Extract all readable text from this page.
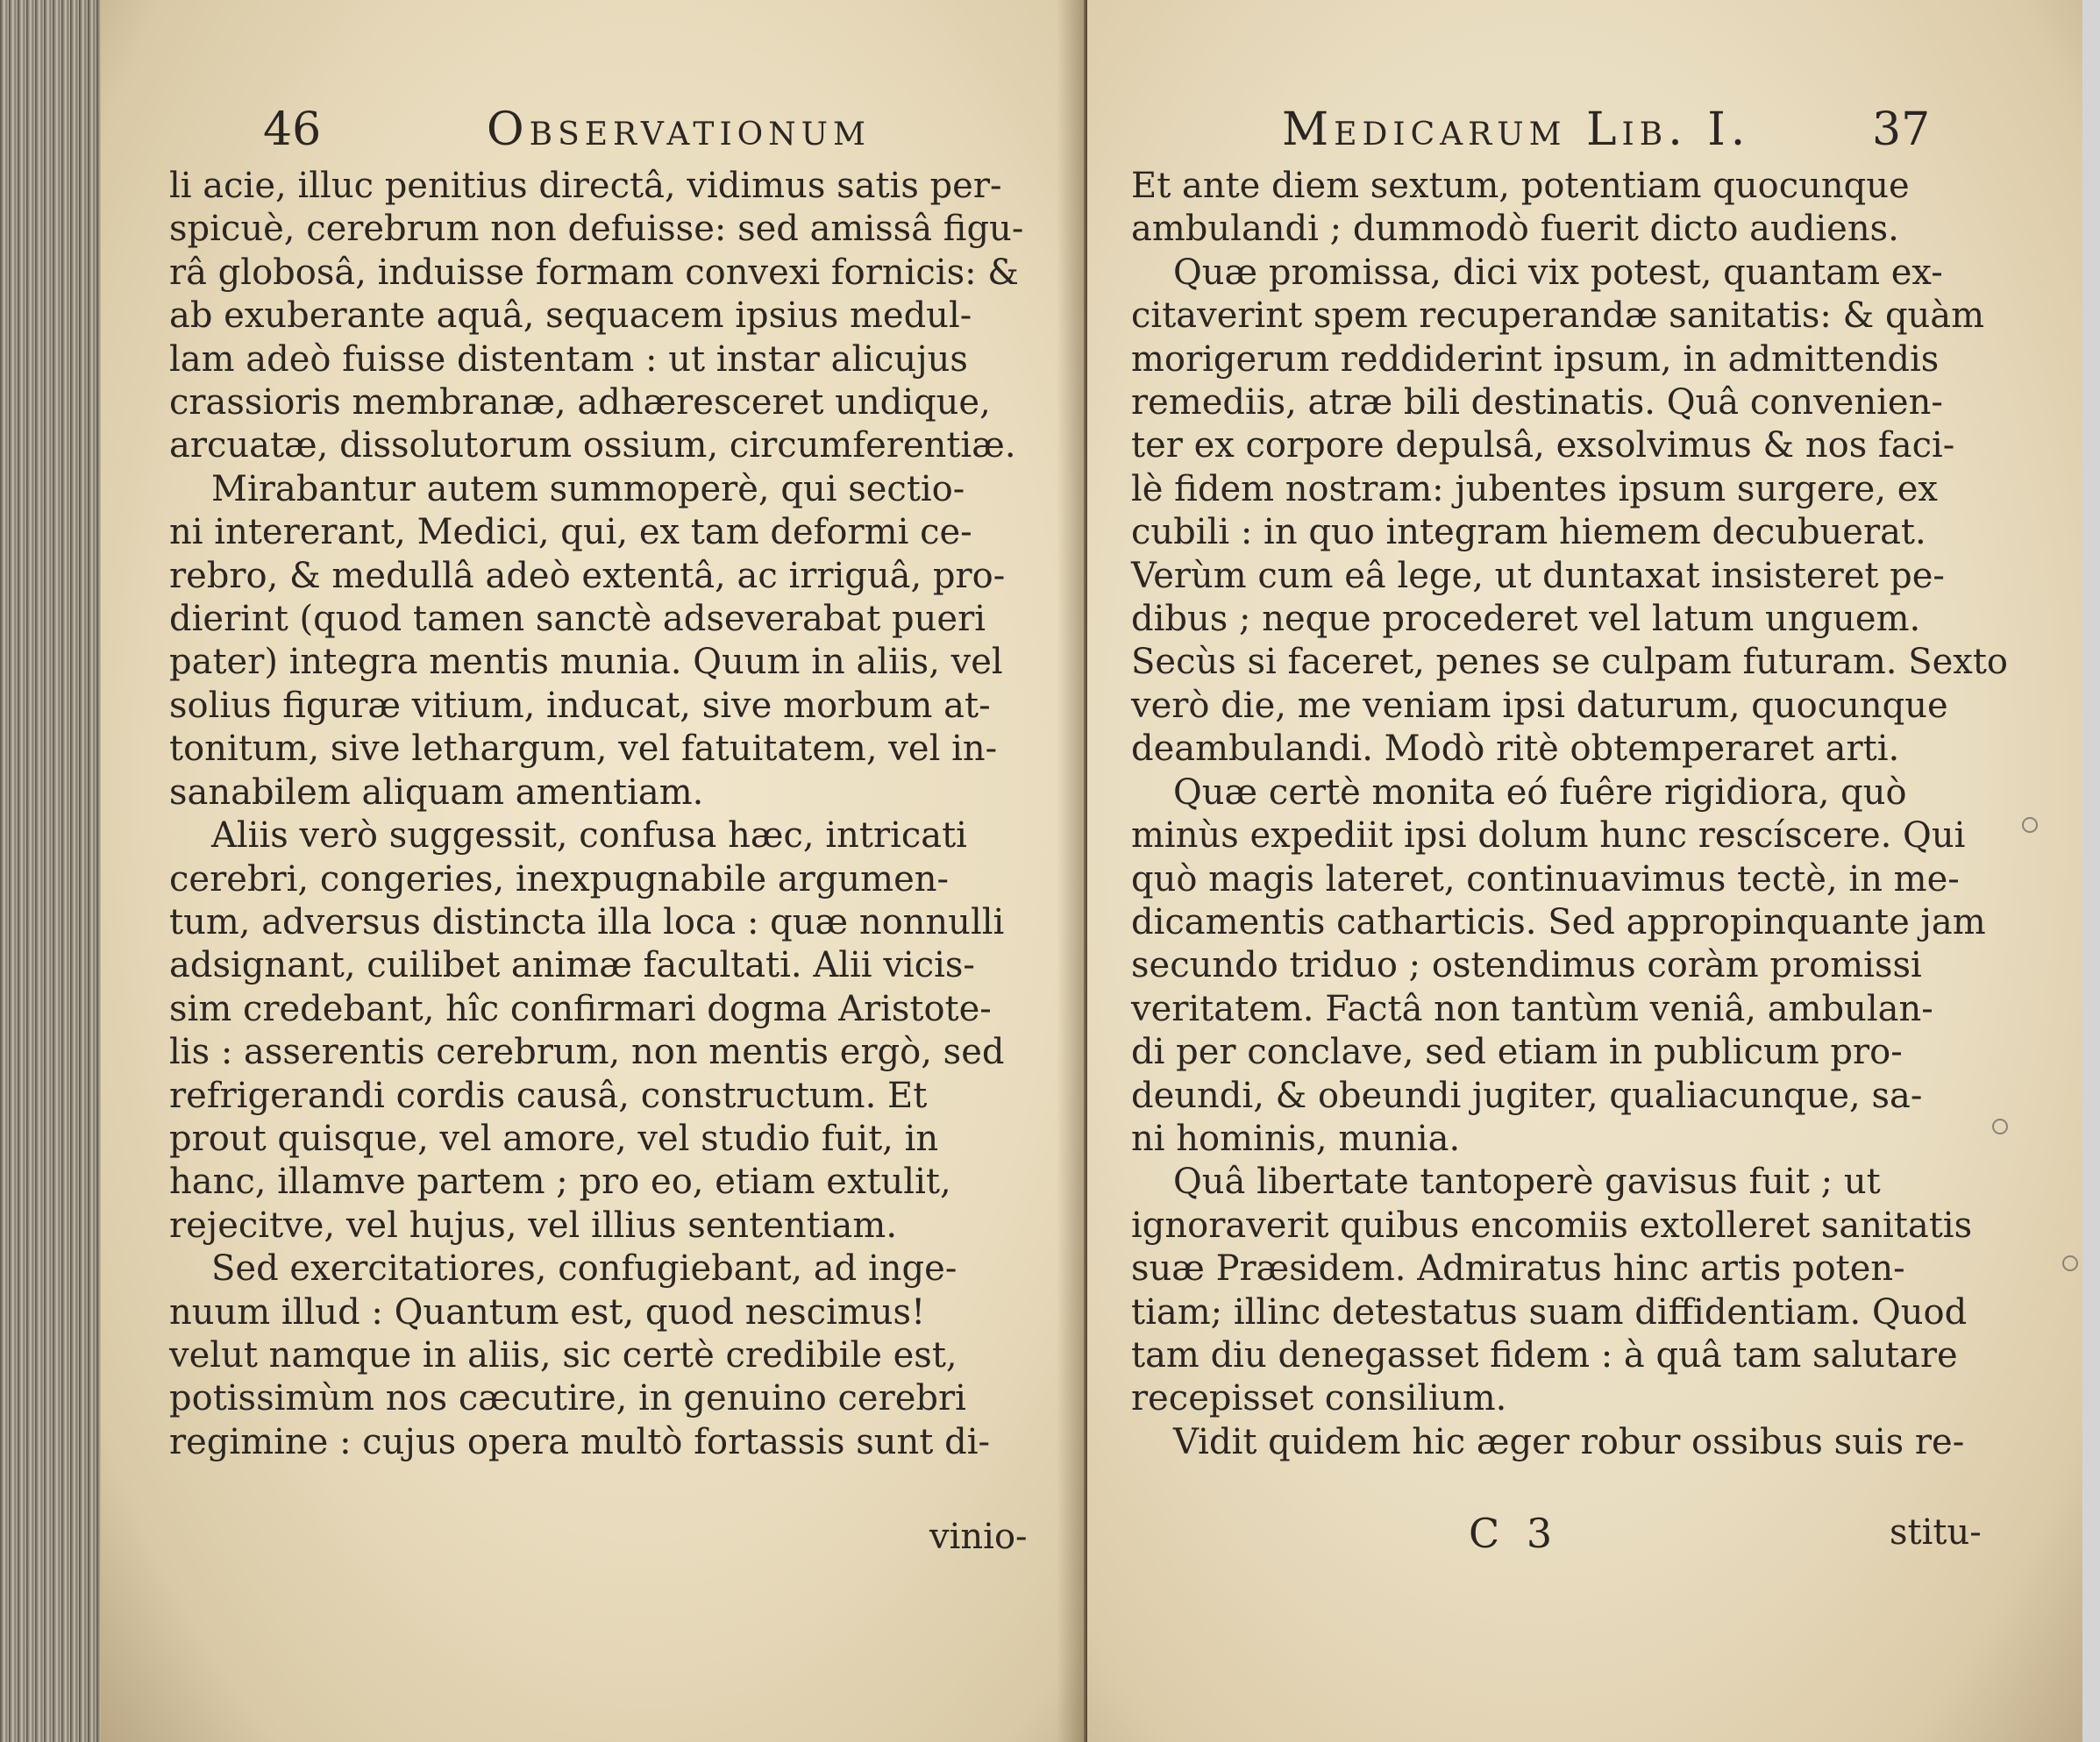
46	Observationum
li acie, illuc penitius directâ, vidimus satis per-
spicuè, cerebrum non defuisse: sed amissâ figu-
râ globosâ, induisse formam convexi fornicis: &
ab exuberante aquâ, sequacem ipsius medul-
lam adeò fuisse distentam : ut instar alicujus
crassioris membranæ, adhæresceret undique,
arcuatæ, dissolutorum ossium, circumferentiæ.
Mirabantur autem summoperè, qui sectio-
ni intererant, Medici, qui, ex tam deformi ce-
rebro, & medullâ adeò extentâ, ac irriguâ, pro-
dierint (quod tamen sanctè adseverabat pueri
pater) integra mentis munia. Quum in aliis, vel
solius figuræ vitium, inducat, sive morbum at-
tonitum, sive lethargum, vel fatuitatem, vel in-
sanabilem aliquam amentiam.
Aliis verò suggessit, confusa hæc, intricati
cerebri, congeries, inexpugnabile argumen-
tum, adversus distincta illa loca : quæ nonnulli
adsignant, cuilibet animæ facultati. Alii vicis-
sim credebant, hîc confirmari dogma Aristote-
lis : asserentis cerebrum, non mentis ergò, sed
refrigerandi cordis causâ, constructum. Et
prout quisque, vel amore, vel studio fuit, in
hanc, illamve partem ; pro eo, etiam extulit,
rejecitve, vel hujus, vel illius sententiam.
Sed exercitatiores, confugiebant, ad inge-
nuum illud : Quantum est, quod nescimus!
velut namque in aliis, sic certè credibile est,
potissimùm nos cæcutire, in genuino cerebri
regimine : cujus opera multò fortassis sunt di-
vinio-
Medicarum Lib. I.	37
Et ante diem sextum, potentiam quocunque
ambulandi ; dummodò fuerit dicto audiens.
Quæ promissa, dici vix potest, quantam ex-
citaverint spem recuperandæ sanitatis: & quàm
morigerum reddiderint ipsum, in admittendis
remediis, atræ bili destinatis. Quâ convenien-
ter ex corpore depulsâ, exsolvimus & nos faci-
lè fidem nostram: jubentes ipsum surgere, ex
cubili : in quo integram hiemem decubuerat.
Verùm cum eâ lege, ut duntaxat insisteret pe-
dibus ; neque procederet vel latum unguem.
Secùs si faceret, penes se culpam futuram. Sexto
verò die, me veniam ipsi daturum, quocunque
deambulandi. Modò ritè obtemperaret arti.
Quæ certè monita eó fuêre rigidiora, quò
minùs expediit ipsi dolum hunc rescíscere. Qui
quò magis lateret, continuavimus tectè, in me-
dicamentis catharticis. Sed appropinquante jam
secundo triduo ; ostendimus coràm promissi
veritatem. Factâ non tantùm veniâ, ambulan-
di per conclave, sed etiam in publicum pro-
deundi, & obeundi jugiter, qualiacunque, sa-
ni hominis, munia.
Quâ libertate tantoperè gavisus fuit ; ut
ignoraverit quibus encomiis extolleret sanitatis
suæ Præsidem. Admiratus hinc artis poten-
tiam; illinc detestatus suam diffidentiam. Quod
tam diu denegasset fidem : à quâ tam salutare
recepisset consilium.
Vidit quidem hic æger robur ossibus suis re-
C 3	stitu-
